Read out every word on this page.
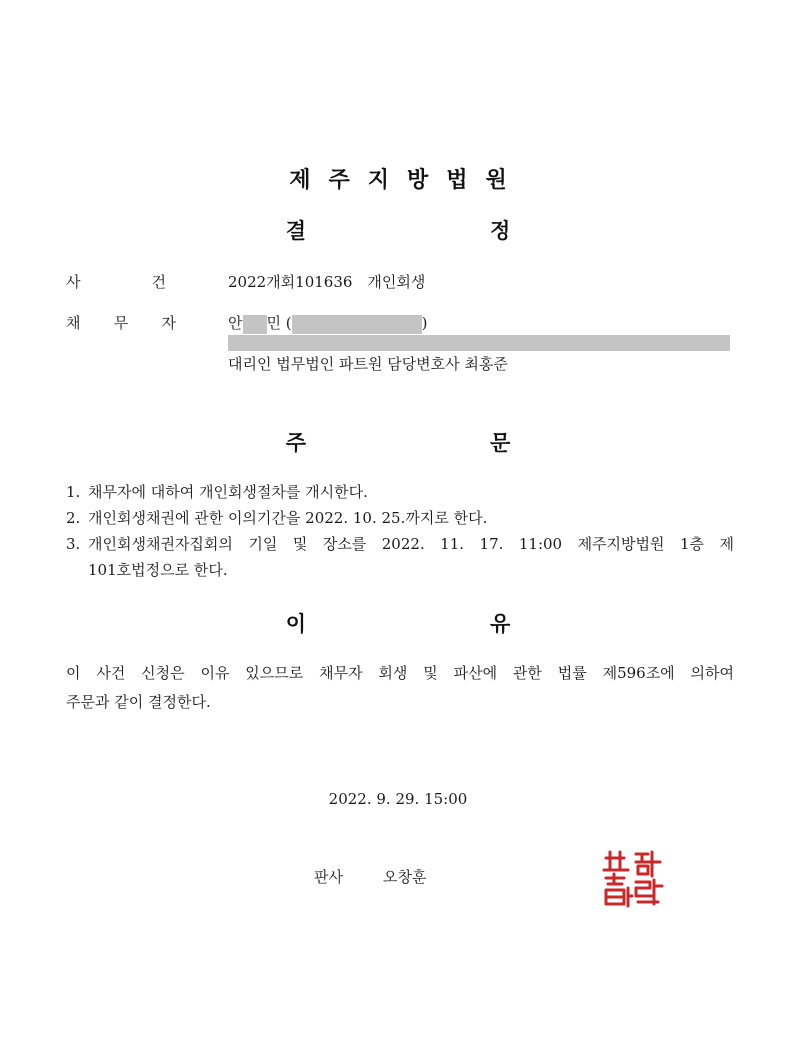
제주지방법원
결	정
사	건	2022개회101636　개인회생
채 무 자	안 민 (	)
대리인 법무법인 파트원 담당변호사 최홍준
주	문
1. 채무자에 대하여 개인회생절차를 개시한다.
2. 개인회생채권에 관한 이의기간을 2022. 10. 25.까지로 한다.
3. 개인회생채권자집회의 기일 및 장소를 2022. 11. 17. 11:00 제주지방법원 1층 제
101호법정으로 한다.
이	유
이 사건 신청은 이유 있으므로 채무자 회생 및 파산에 관한 법률 제596조에 의하여
주문과 같이 결정한다.
2022. 9. 29. 15:00
판사	오창훈
